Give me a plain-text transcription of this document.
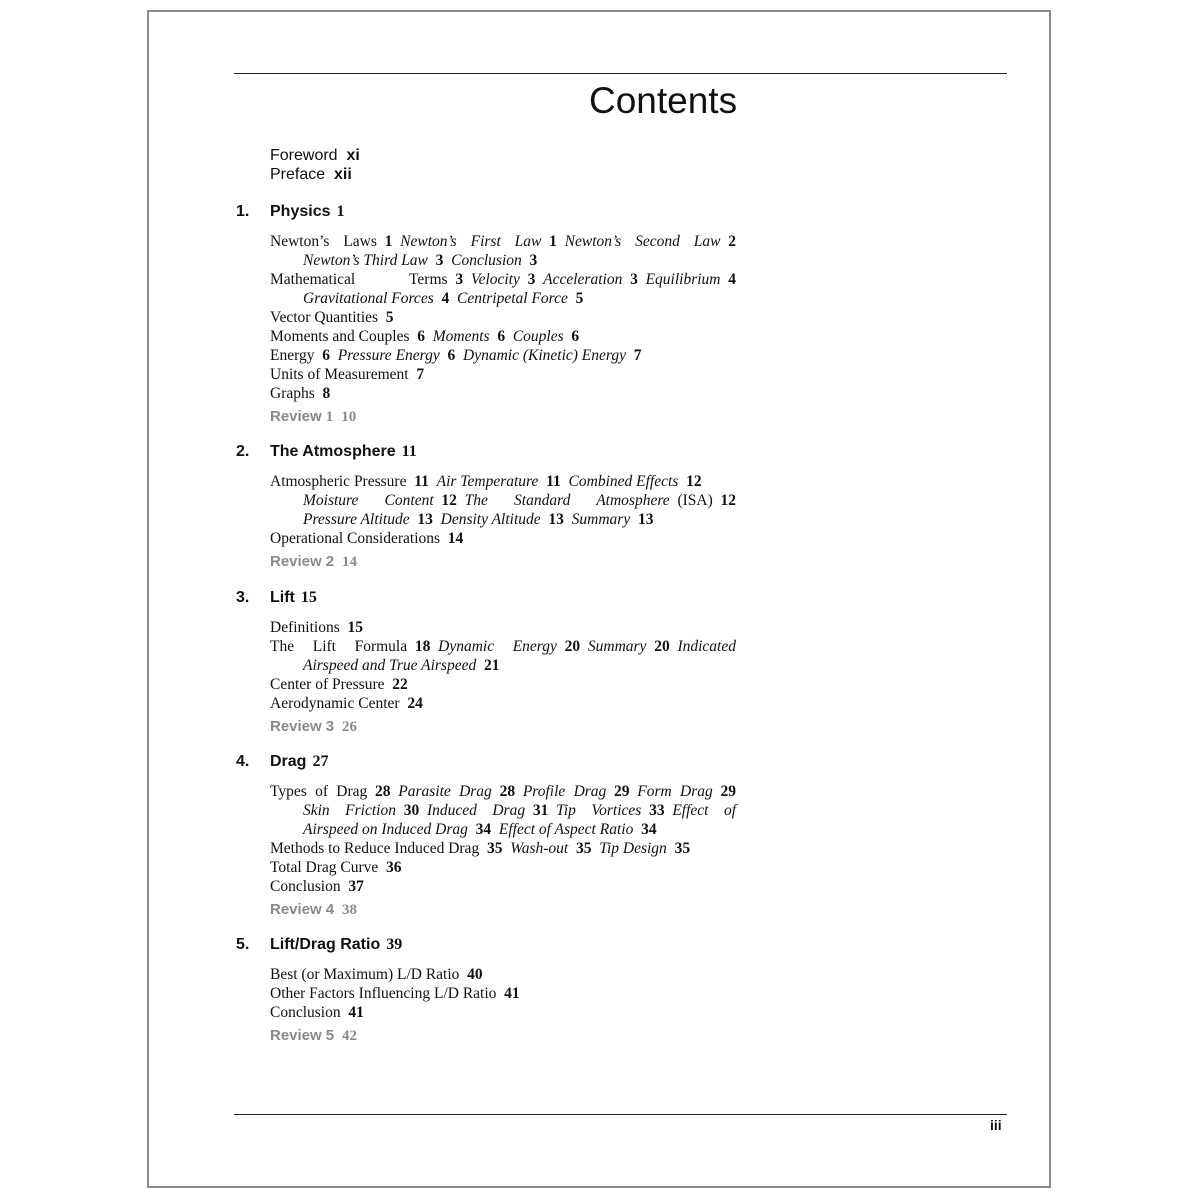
Contents
Foreword xi
Preface xii
1. Physics 1
Newton’s Laws  1  Newton’s First Law  1  Newton’s Second Law  2
Newton’s Third Law  3  Conclusion  3
Mathematical Terms  3  Velocity  3  Acceleration  3  Equilibrium  4
Gravitational Forces  4  Centripetal Force  5
Vector Quantities  5
Moments and Couples  6  Moments  6  Couples  6
Energy  6  Pressure Energy  6  Dynamic (Kinetic) Energy  7
Units of Measurement  7
Graphs  8
Review 1 10
2. The Atmosphere 11
Atmospheric Pressure  11  Air Temperature  11  Combined Effects  12
Moisture Content  12  The Standard Atmosphere  (ISA)  12
Pressure Altitude  13  Density Altitude  13  Summary  13
Operational Considerations  14
Review 2 14
3. Lift 15
Definitions  15
The Lift Formula  18  Dynamic Energy  20  Summary  20  Indicated
Airspeed and True Airspeed  21
Center of Pressure  22
Aerodynamic Center  24
Review 3 26
4. Drag 27
Types of Drag  28  Parasite Drag  28  Profile Drag  29  Form Drag  29
Skin Friction  30  Induced Drag  31  Tip Vortices  33  Effect of
Airspeed on Induced Drag  34  Effect of Aspect Ratio  34
Methods to Reduce Induced Drag  35  Wash-out  35  Tip Design  35
Total Drag Curve  36
Conclusion  37
Review 4 38
5. Lift/Drag Ratio 39
Best (or Maximum) L/D Ratio  40
Other Factors Influencing L/D Ratio  41
Conclusion  41
Review 5 42
iii
